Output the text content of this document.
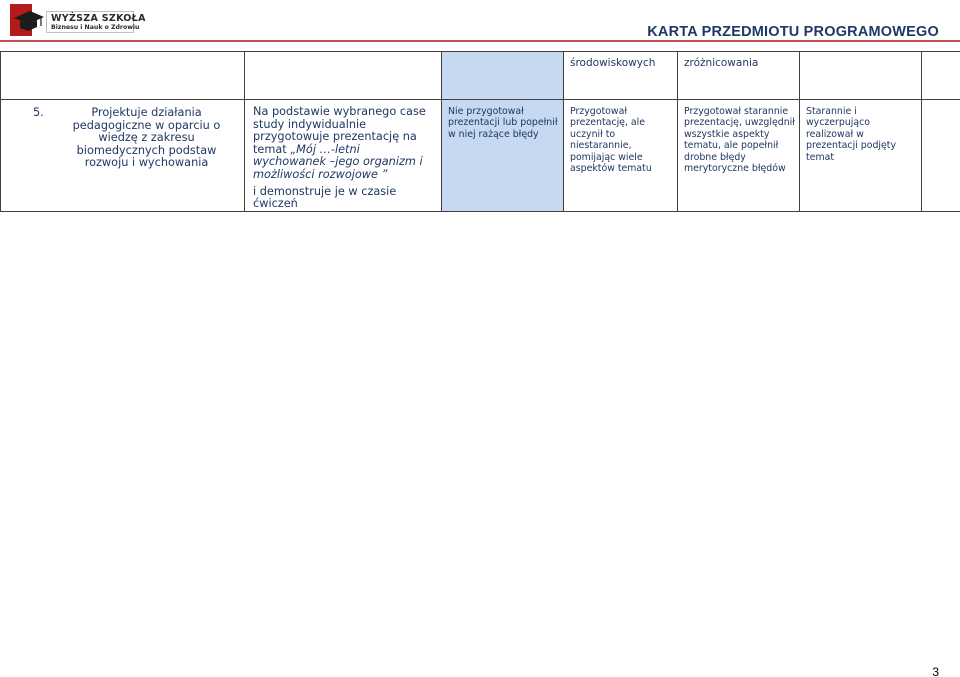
WYŻSZA SZKOŁA
Biznesu i Nauk o Zdrowiu	KARTA PRZEDMIOTU PROGRAMOWEGO
			środowiskowych	zróżnicowania		

5. Projektuje działania pedagogiczne w oparciu o wiedzę z zakresu biomedycznych podstaw rozwoju i wychowania	Na podstawie wybranego case study indywidualnie przygotowuje prezentację na temat „Mój …-letni wychowanek –jego organizm i możliwości rozwojowe ”
i demonstruje je w czasie ćwiczeń	Nie przygotował prezentacji lub popełnił w niej rażące błędy	Przygotował prezentację, ale uczynił to niestarannie, pomijając wiele aspektów tematu	Przygotował starannie prezentację, uwzględnił wszystkie aspekty tematu, ale popełnił drobne błędy merytoryczne błędów	Starannie i wyczerpująco realizował w prezentacji podjęty temat	
3
